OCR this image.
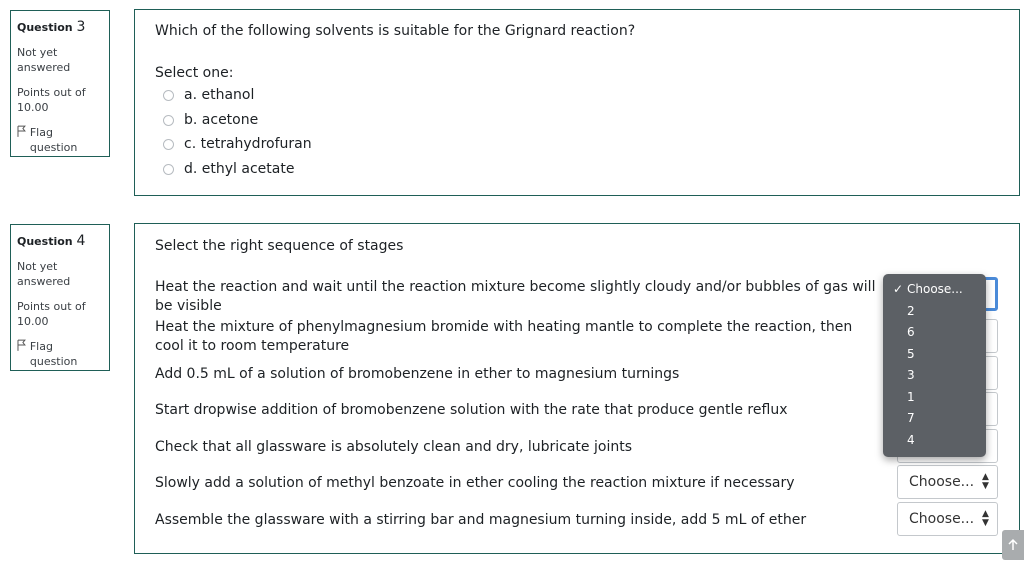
Question 3
Not yet answered
Points out of 10.00
Flag question
Which of the following solvents is suitable for the Grignard reaction?
Select one:
a. ethanol
b. acetone
c. tetrahydrofuran
d. ethyl acetate
Question 4
Not yet answered
Points out of 10.00
Flag question
Select the right sequence of stages
Heat the reaction and wait until the reaction mixture become slightly cloudy and/or bubbles of gas will be visible
Heat the mixture of phenylmagnesium bromide with heating mantle to complete the reaction, then cool it to room temperature
Add 0.5 mL of a solution of bromobenzene in ether to magnesium turnings
Start dropwise addition of bromobenzene solution with the rate that produce gentle reflux
Check that all glassware is absolutely clean and dry, lubricate joints
Slowly add a solution of methyl benzoate in ether cooling the reaction mixture if necessary	Choose... ▲
▼
Assemble the glassware with a stirring bar and magnesium turning inside, add 5 mL of ether	Choose... ▲
▼
✓ Choose...
2
6
5
3
1
7
4
